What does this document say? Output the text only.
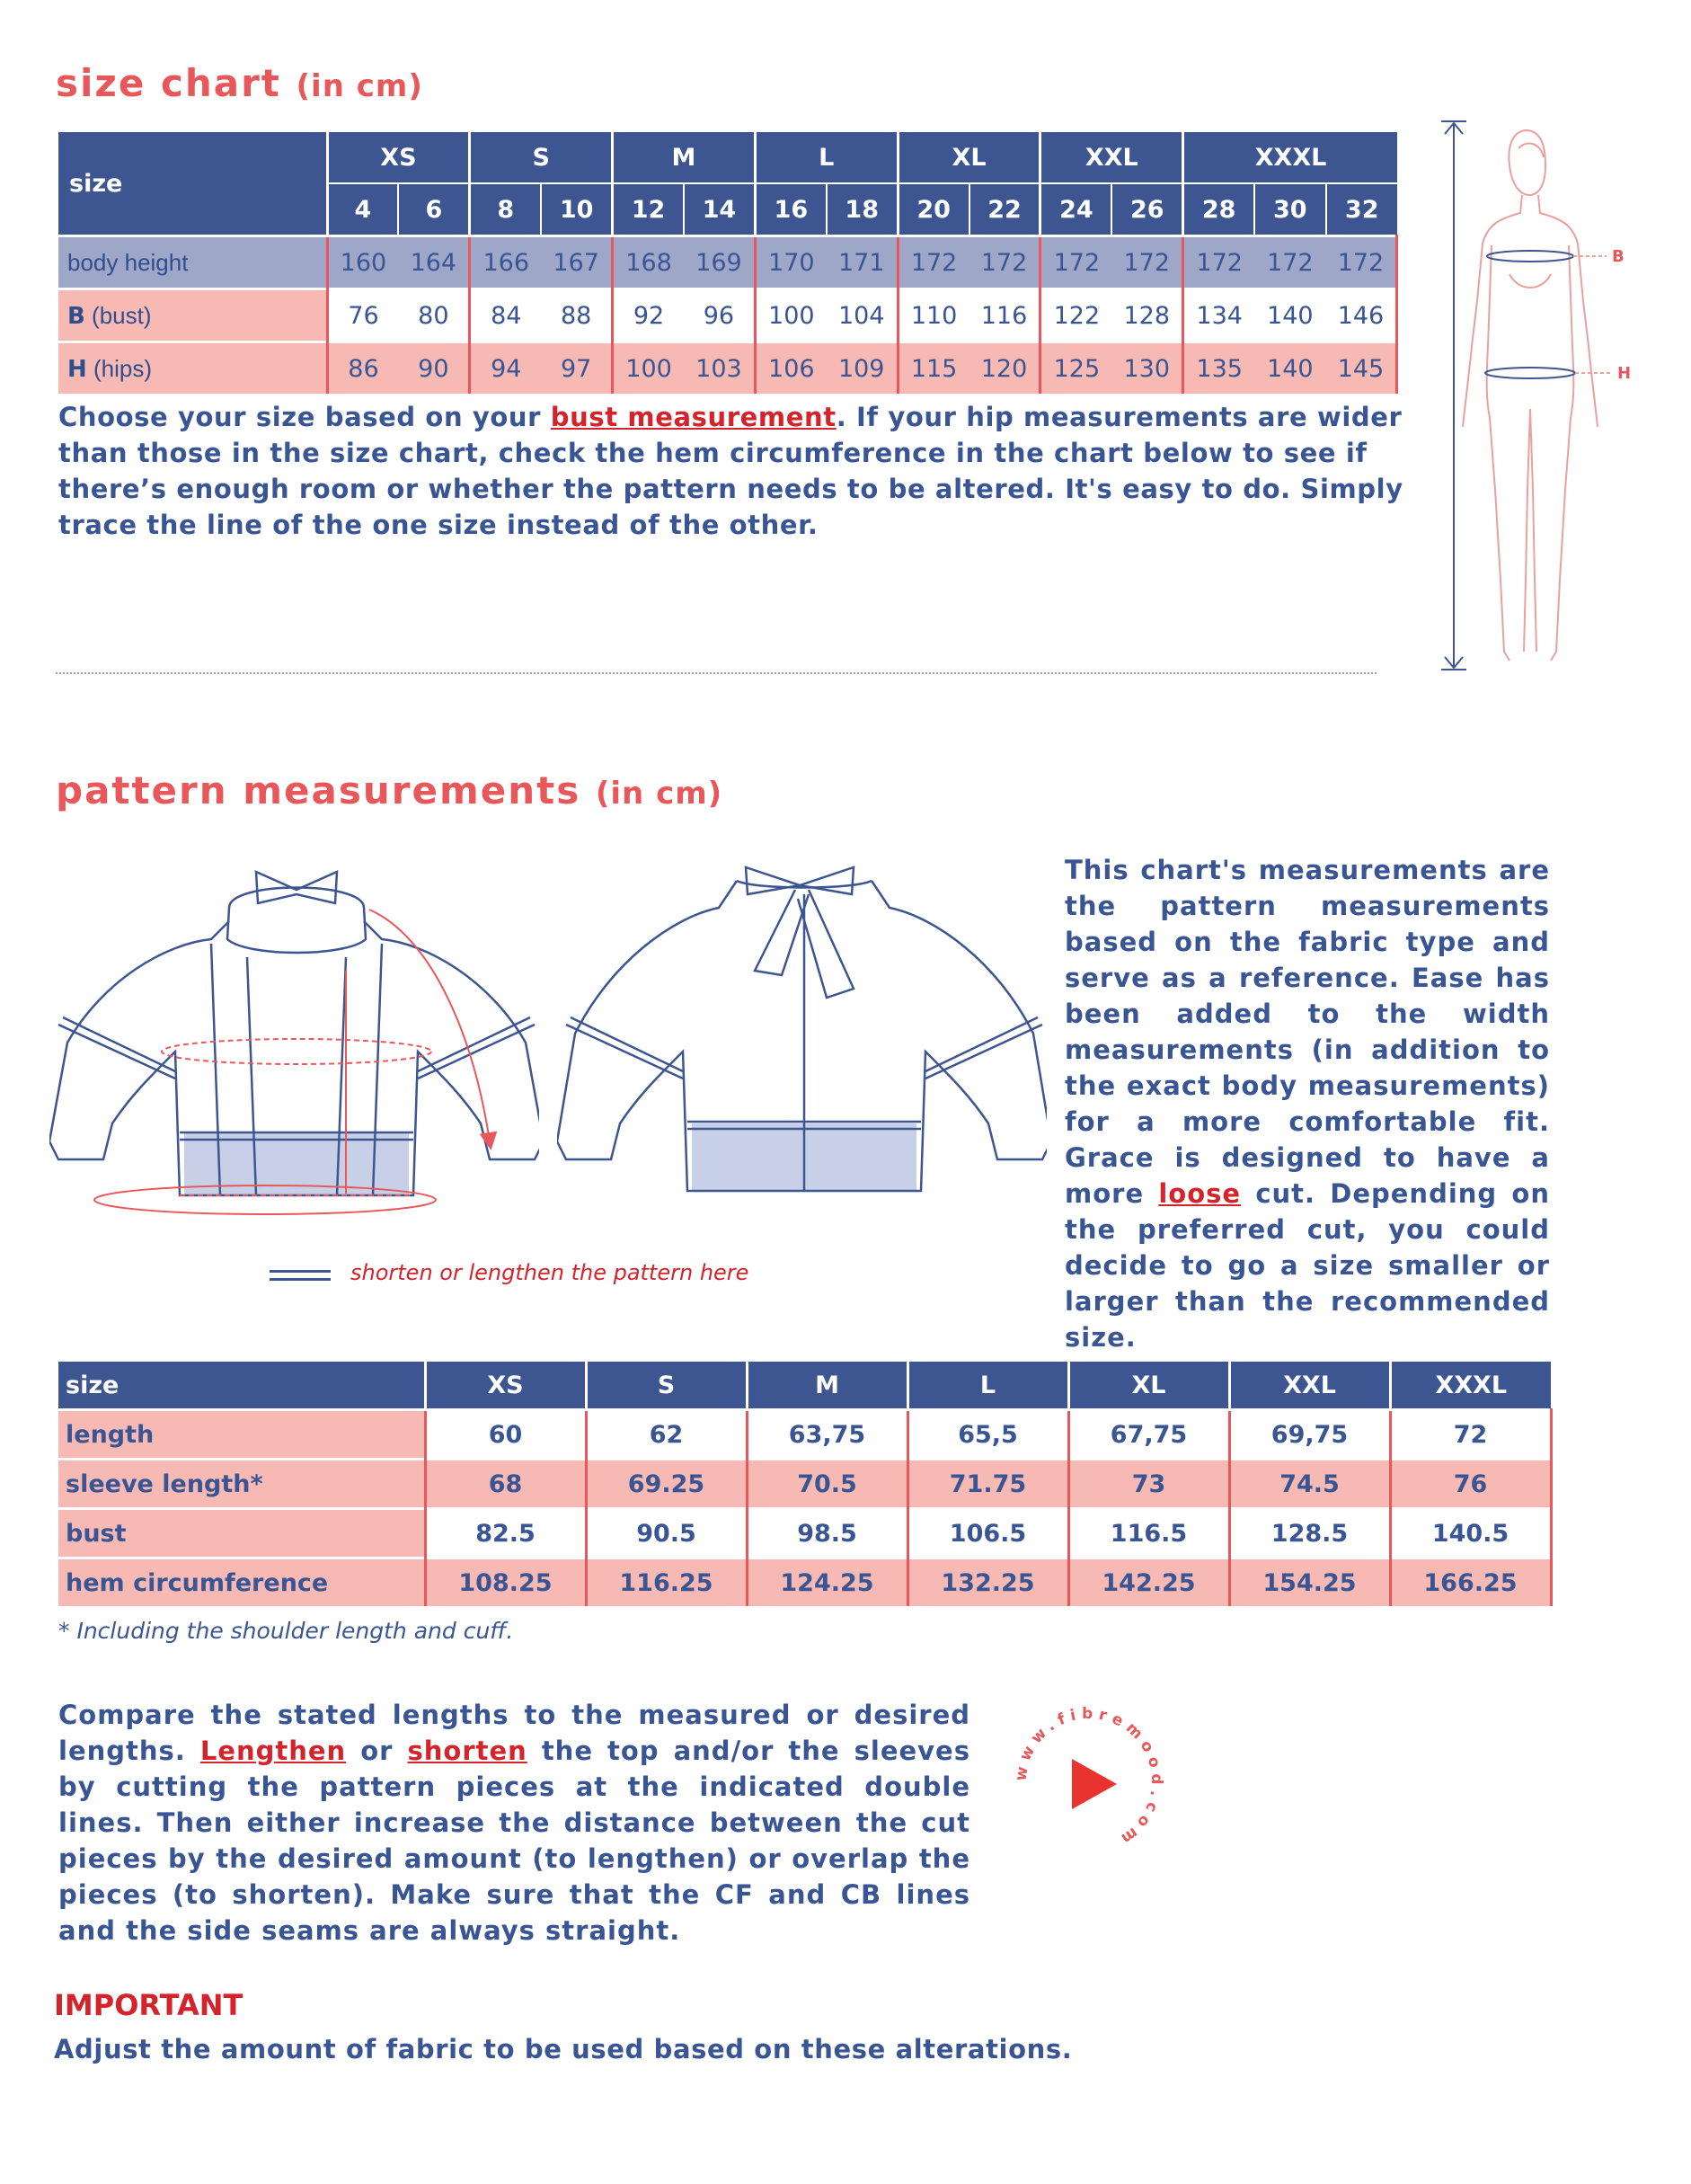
size chart (in cm)
size	XS		S		M		L		XL		XXL		XXXL		
	4	6	8	10	12	14	16	18	20	22	24	26	28	30	32
body height	160	164	166	167	168	169	170	171	172	172	172	172	172	172	172
B (bust)	76	80	84	88	92	96	100	104	110	116	122	128	134	140	146
H (hips)	86	90	94	97	100	103	106	109	115	120	125	130	135	140	145

Choose your size based on your bust measurement. If your hip measurements are wider than those in the size chart, check the hem circumference in the chart below to see if there’s enough room or whether the pattern needs to be altered. It's easy to do. Simply trace the line of the one size instead of the other.

B
H
pattern measurements (in cm)
shorten or lengthen the pattern here

This chart's measurements are the pattern measurements based on the fabric type and serve as a reference. Ease has been added to the width measurements (in addition to the exact body measurements) for a more comfortable fit. Grace is designed to have a more loose cut. Depending on the preferred cut, you could decide to go a size smaller or larger than the recommended size.

size	XS	S	M	L	XL	XXL	XXXL
length	60	62	63,75	65,5	67,75	69,75	72
sleeve length*	68	69.25	70.5	71.75	73	74.5	76
bust	82.5	90.5	98.5	106.5	116.5	128.5	140.5
hem circumference	108.25	116.25	124.25	132.25	142.25	154.25	166.25

* Including the shoulder length and cuff.

Compare the stated lengths to the measured or desired lengths. Lengthen or shorten the top and/or the sleeves by cutting the pattern pieces at the indicated double lines. Then either increase the distance between the cut pieces by the desired amount (to lengthen) or overlap the pieces (to shorten). Make sure that the CF and CB lines and the side seams are always straight.

www.fibremood.com
IMPORTANT

Adjust the amount of fabric to be used based on these alterations.
